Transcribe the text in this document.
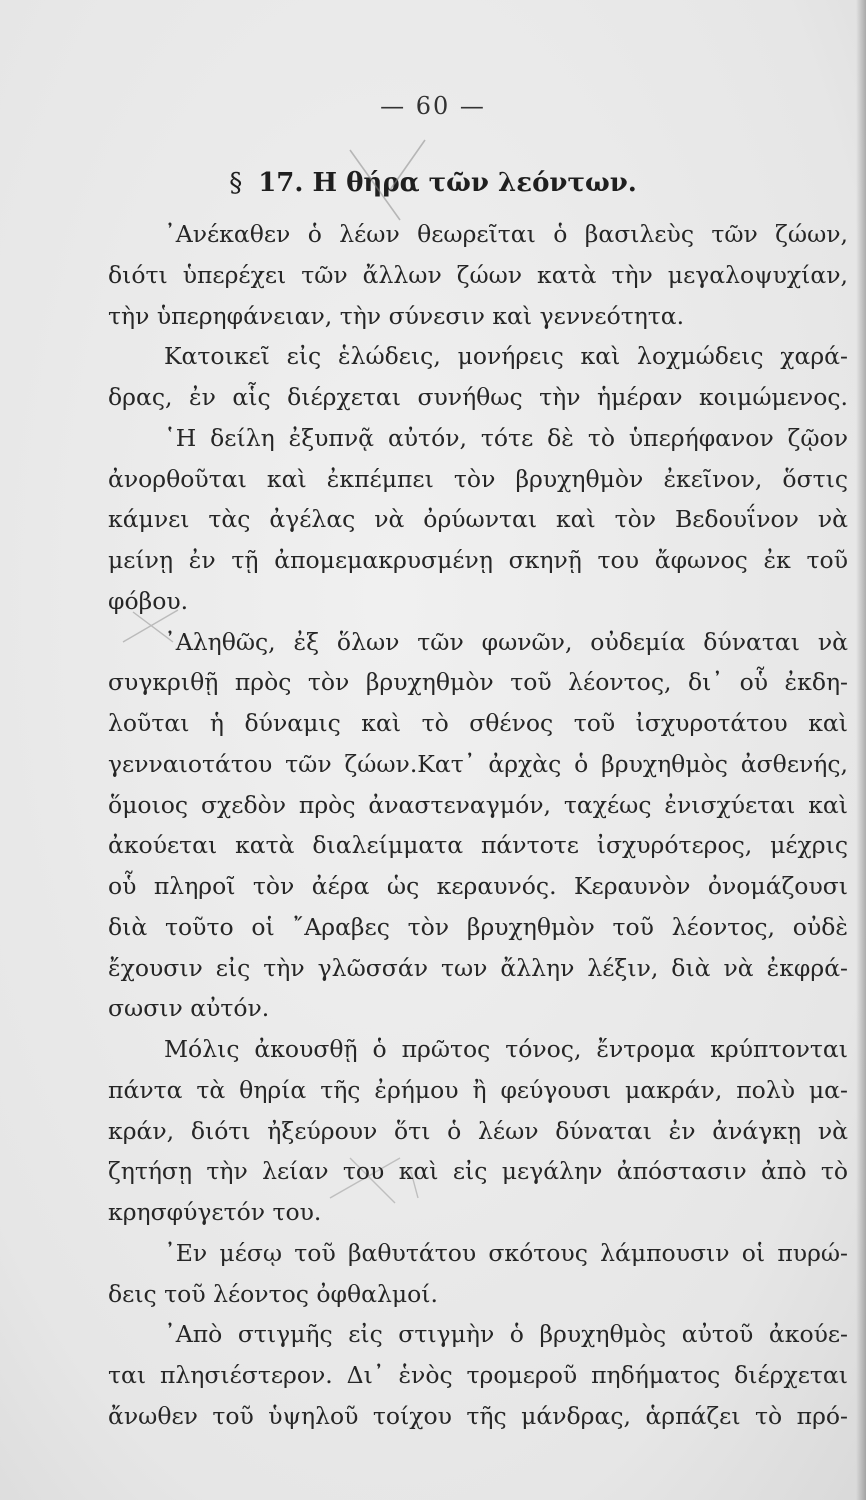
— 60 —
§ 17. Η θήρα τῶν λεόντων.
᾽Ανέκαθεν ὁ λέων θεωρεῖται ὁ βασιλεὺς τῶν ζώων,
διότι ὑπερέχει τῶν ἄλλων ζώων κατὰ τὴν μεγαλοψυχίαν,
τὴν ὑπερηφάνειαν, τὴν σύνεσιν καὶ γεννεότητα.
Κατοικεῖ εἰς ἑλώδεις, μονήρεις καὶ λοχμώδεις χαρά-
δρας, ἐν αἷς διέρχεται συνήθως τὴν ἡμέραν κοιμώμενος.
῾Η δείλη ἐξυπνᾷ αὐτόν, τότε δὲ τὸ ὑπερήφανον ζῷον
ἀνορθοῦται καὶ ἐκπέμπει τὸν βρυχηθμὸν ἐκεῖνον, ὅστις
κάμνει τὰς ἀγέλας νὰ ὀρύωνται καὶ τὸν Βεδουΐνον νὰ
μείνῃ ἐν τῇ ἀπομεμακρυσμένῃ σκηνῇ του ἄφωνος ἐκ τοῦ
φόβου.
᾽Αληθῶς, ἐξ ὅλων τῶν φωνῶν, οὐδεμία δύναται νὰ
συγκριθῇ πρὸς τὸν βρυχηθμὸν τοῦ λέοντος, δι᾽ οὗ ἐκδη-
λοῦται ἡ δύναμις καὶ τὸ σθένος τοῦ ἰσχυροτάτου καὶ
γενναιοτάτου τῶν ζώων.Κατ᾽ ἀρχὰς ὁ βρυχηθμὸς ἀσθενής,
ὅμοιος σχεδὸν πρὸς ἀναστεναγμόν, ταχέως ἐνισχύεται καὶ
ἀκούεται κατὰ διαλείμματα πάντοτε ἰσχυρότερος, μέχρις
οὗ πληροῖ τὸν ἀέρα ὡς κεραυνός. Κεραυνὸν ὀνομάζουσι
διὰ τοῦτο οἱ ῎Αραβες τὸν βρυχηθμὸν τοῦ λέοντος, οὐδὲ
ἔχουσιν εἰς τὴν γλῶσσάν των ἄλλην λέξιν, διὰ νὰ ἐκφρά-
σωσιν αὐτόν.
Μόλις ἀκουσθῇ ὁ πρῶτος τόνος, ἔντρομα κρύπτονται
πάντα τὰ θηρία τῆς ἐρήμου ἢ φεύγουσι μακράν, πολὺ μα-
κράν, διότι ἠξεύρουν ὅτι ὁ λέων δύναται ἐν ἀνάγκῃ νὰ
ζητήσῃ τὴν λείαν του καὶ εἰς μεγάλην ἀπόστασιν ἀπὸ τὸ
κρησφύγετόν του.
᾽Εν μέσῳ τοῦ βαθυτάτου σκότους λάμπουσιν οἱ πυρώ-
δεις τοῦ λέοντος ὀφθαλμοί.
᾽Απὸ στιγμῆς εἰς στιγμὴν ὁ βρυχηθμὸς αὐτοῦ ἀκούε-
ται πλησιέστερον. Δι᾽ ἑνὸς τρομεροῦ πηδήματος διέρχεται
ἄνωθεν τοῦ ὑψηλοῦ τοίχου τῆς μάνδρας, ἁρπάζει τὸ πρό-
